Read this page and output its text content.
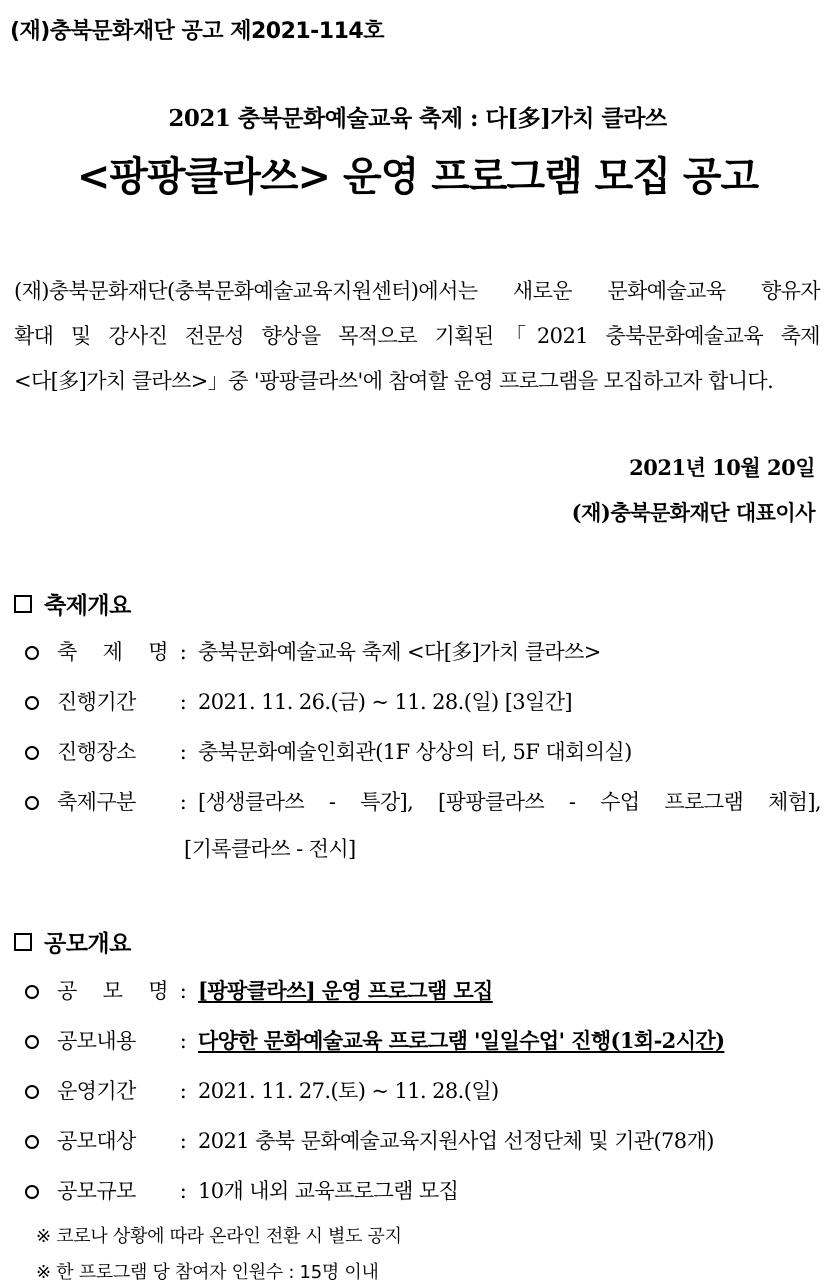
(재)충북문화재단 공고 제2021-114호
2021 충북문화예술교육 축제 : 다[多]가치 클라쓰
<팡팡클라쓰> 운영 프로그램 모집 공고
(재)충북문화재단(충북문화예술교육지원센터)에서는 새로운 문화예술교육 향유자
확대 및 강사진 전문성 향상을 목적으로 기획된「2021 충북문화예술교육 축제
<다[多]가치 클라쓰>」중 '팡팡클라쓰'에 참여할 운영 프로그램을 모집하고자 합니다.
2021년 10월 20일
(재)충북문화재단 대표이사
축제개요
축 제 명 : 충북문화예술교육 축제 <다[多]가치 클라쓰>
진행기간	: 2021. 11. 26.(금) ~ 11. 28.(일) [3일간]
진행장소	: 충북문화예술인회관(1F 상상의 터, 5F 대회의실)
축제구분	: [생생클라쓰 - 특강], [팡팡클라쓰 - 수업 프로그램 체험],
[기록클라쓰 - 전시]
공모개요
공 모 명 : [팡팡클라쓰] 운영 프로그램 모집
공모내용	: 다양한 문화예술교육 프로그램 '일일수업' 진행(1회-2시간)
운영기간	: 2021. 11. 27.(토) ~ 11. 28.(일)
공모대상	: 2021 충북 문화예술교육지원사업 선정단체 및 기관(78개)
공모규모	: 10개 내외 교육프로그램 모집
※ 코로나 상황에 따라 온라인 전환 시 별도 공지
※ 한 프로그램 당 참여자 인원수 : 15명 이내
